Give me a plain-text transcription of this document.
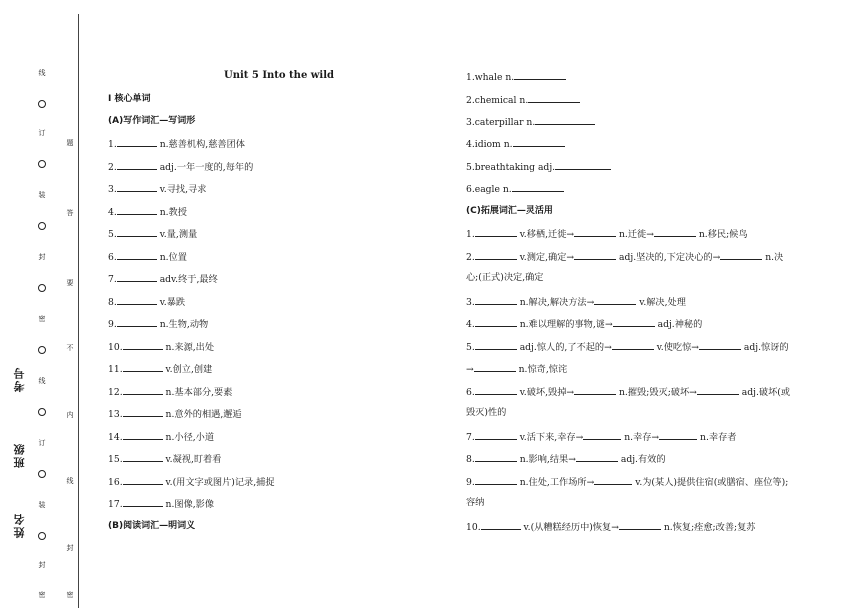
线
订
装
封
密
线
订
装
封
密
题
答
要
不
内
线
封
密
考号
班级
姓名
Unit 5 Into the wild
Ⅰ 核心单词
(A)写作词汇—写词形
1.	n.慈善机构,慈善团体
2.	adj.一年一度的,每年的
3.	v.寻找,寻求
4.	n.教授
5.	v.量,测量
6.	n.位置
7.	adv.终于,最终
8.	v.暴跌
9.	n.生物,动物
10.	n.来源,出处
11.	v.创立,创建
12.	n.基本部分,要素
13.	n.意外的相遇,邂逅
14.	n.小径,小道
15.	v.凝视,盯着看
16.	v.(用文字或图片)记录,捕捉
17.	n.图像,影像
(B)阅读词汇—明词义
1.whale n.
2.chemical n.
3.caterpillar n.
4.idiom n.
5.breathtaking adj.
6.eagle n.
(C)拓展词汇—灵活用
1.	v.移栖,迁徙→	n.迁徙→	n.移民;候鸟
2.	v.测定,确定→	adj.坚决的,下定决心的→	n.决
心;(正式)决定,确定
3.	n.解决,解决方法→	v.解决,处理
4.	n.难以理解的事物,谜→	adj.神秘的
5.	adj.惊人的,了不起的→	v.使吃惊→	adj.惊讶的
→	n.惊奇,惊诧
6.	v.破坏,毁掉→	n.摧毁;毁灭;破坏→	adj.破坏(或
毁灭)性的
7.	v.活下来,幸存→	n.幸存→	n.幸存者
8.	n.影响,结果→	adj.有效的
9.	n.住处,工作场所→	v.为(某人)提供住宿(或膳宿、座位等);
容纳
10.	v.(从糟糕经历中)恢复→	n.恢复;痊愈;改善;复苏
